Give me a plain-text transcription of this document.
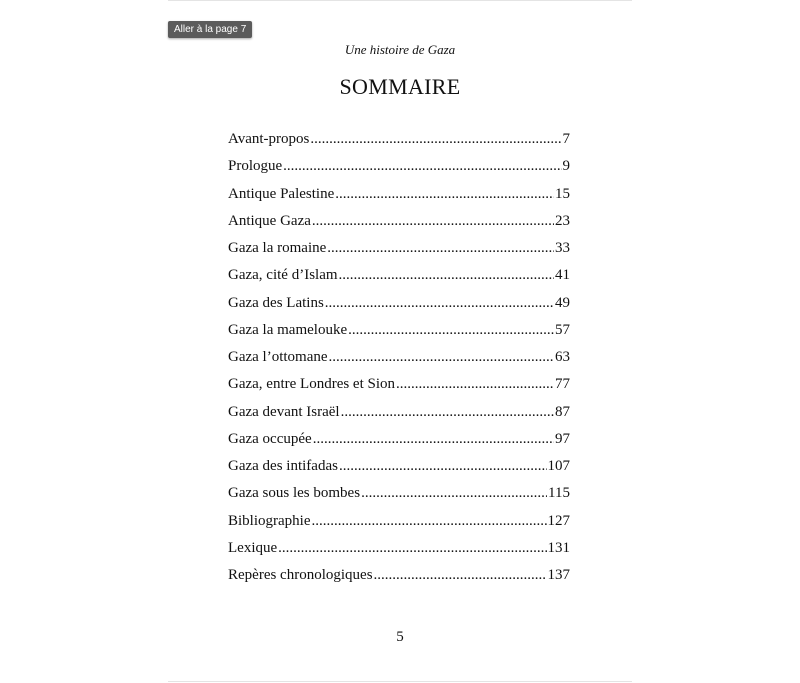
Aller à la page 7
Une histoire de Gaza
SOMMAIRE
Avant-propos .....	7
Prologue .....	9
Antique Palestine .....	15
Antique Gaza .....	23
Gaza la romaine .....	33
Gaza, cité d’Islam .....	41
Gaza des Latins .....	49
Gaza la mamelouke .....	57
Gaza l’ottomane .....	63
Gaza, entre Londres et Sion .....	77
Gaza devant Israël .....	87
Gaza occupée .....	97
Gaza des intifadas .....	107
Gaza sous les bombes .....	115
Bibliographie .....	127
Lexique .....	131
Repères chronologiques .....	137
5
